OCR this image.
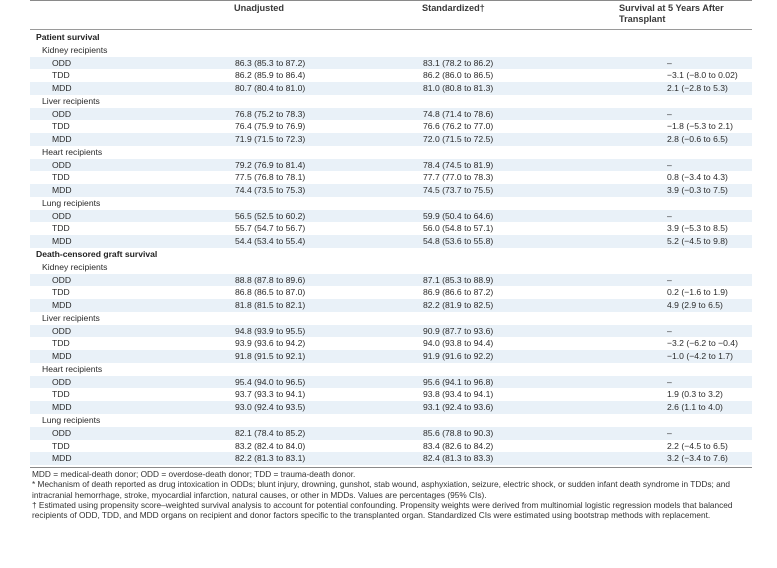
Unadjusted	Standardized†	Survival at 5 Years After Transplant
Patient survival
Kidney recipients
ODD	86.3 (85.3 to 87.2)	83.1 (78.2 to 86.2)	–
TDD	86.2 (85.9 to 86.4)	86.2 (86.0 to 86.5)	−3.1 (−8.0 to 0.02)
MDD	80.7 (80.4 to 81.0)	81.0 (80.8 to 81.3)	2.1 (−2.8 to 5.3)
Liver recipients
ODD	76.8 (75.2 to 78.3)	74.8 (71.4 to 78.6)	–
TDD	76.4 (75.9 to 76.9)	76.6 (76.2 to 77.0)	−1.8 (−5.3 to 2.1)
MDD	71.9 (71.5 to 72.3)	72.0 (71.5 to 72.5)	2.8 (−0.6 to 6.5)
Heart recipients
ODD	79.2 (76.9 to 81.4)	78.4 (74.5 to 81.9)	–
TDD	77.5 (76.8 to 78.1)	77.7 (77.0 to 78.3)	0.8 (−3.4 to 4.3)
MDD	74.4 (73.5 to 75.3)	74.5 (73.7 to 75.5)	3.9 (−0.3 to 7.5)
Lung recipients
ODD	56.5 (52.5 to 60.2)	59.9 (50.4 to 64.6)	–
TDD	55.7 (54.7 to 56.7)	56.0 (54.8 to 57.1)	3.9 (−5.3 to 8.5)
MDD	54.4 (53.4 to 55.4)	54.8 (53.6 to 55.8)	5.2 (−4.5 to 9.8)
Death-censored graft survival
Kidney recipients
ODD	88.8 (87.8 to 89.6)	87.1 (85.3 to 88.9)	–
TDD	86.8 (86.5 to 87.0)	86.9 (86.6 to 87.2)	0.2 (−1.6 to 1.9)
MDD	81.8 (81.5 to 82.1)	82.2 (81.9 to 82.5)	4.9 (2.9 to 6.5)
Liver recipients
ODD	94.8 (93.9 to 95.5)	90.9 (87.7 to 93.6)	–
TDD	93.9 (93.6 to 94.2)	94.0 (93.8 to 94.4)	−3.2 (−6.2 to −0.4)
MDD	91.8 (91.5 to 92.1)	91.9 (91.6 to 92.2)	−1.0 (−4.2 to 1.7)
Heart recipients
ODD	95.4 (94.0 to 96.5)	95.6 (94.1 to 96.8)	–
TDD	93.7 (93.3 to 94.1)	93.8 (93.4 to 94.1)	1.9 (0.3 to 3.2)
MDD	93.0 (92.4 to 93.5)	93.1 (92.4 to 93.6)	2.6 (1.1 to 4.0)
Lung recipients
ODD	82.1 (78.4 to 85.2)	85.6 (78.8 to 90.3)	–
TDD	83.2 (82.4 to 84.0)	83.4 (82.6 to 84.2)	2.2 (−4.5 to 6.5)
MDD	82.2 (81.3 to 83.1)	82.4 (81.3 to 83.3)	3.2 (−3.4 to 7.6)

MDD = medical-death donor; ODD = overdose-death donor; TDD = trauma-death donor.

* Mechanism of death reported as drug intoxication in ODDs; blunt injury, drowning, gunshot, stab wound, asphyxiation, seizure, electric shock, or sudden infant death syndrome in TDDs; and intracranial hemorrhage, stroke, myocardial infarction, natural causes, or other in MDDs. Values are percentages (95% CIs).

† Estimated using propensity score–weighted survival analysis to account for potential confounding. Propensity weights were derived from multinomial logistic regression models that balanced recipients of ODD, TDD, and MDD organs on recipient and donor factors specific to the transplanted organ. Standardized CIs were estimated using bootstrap methods with replacement.
